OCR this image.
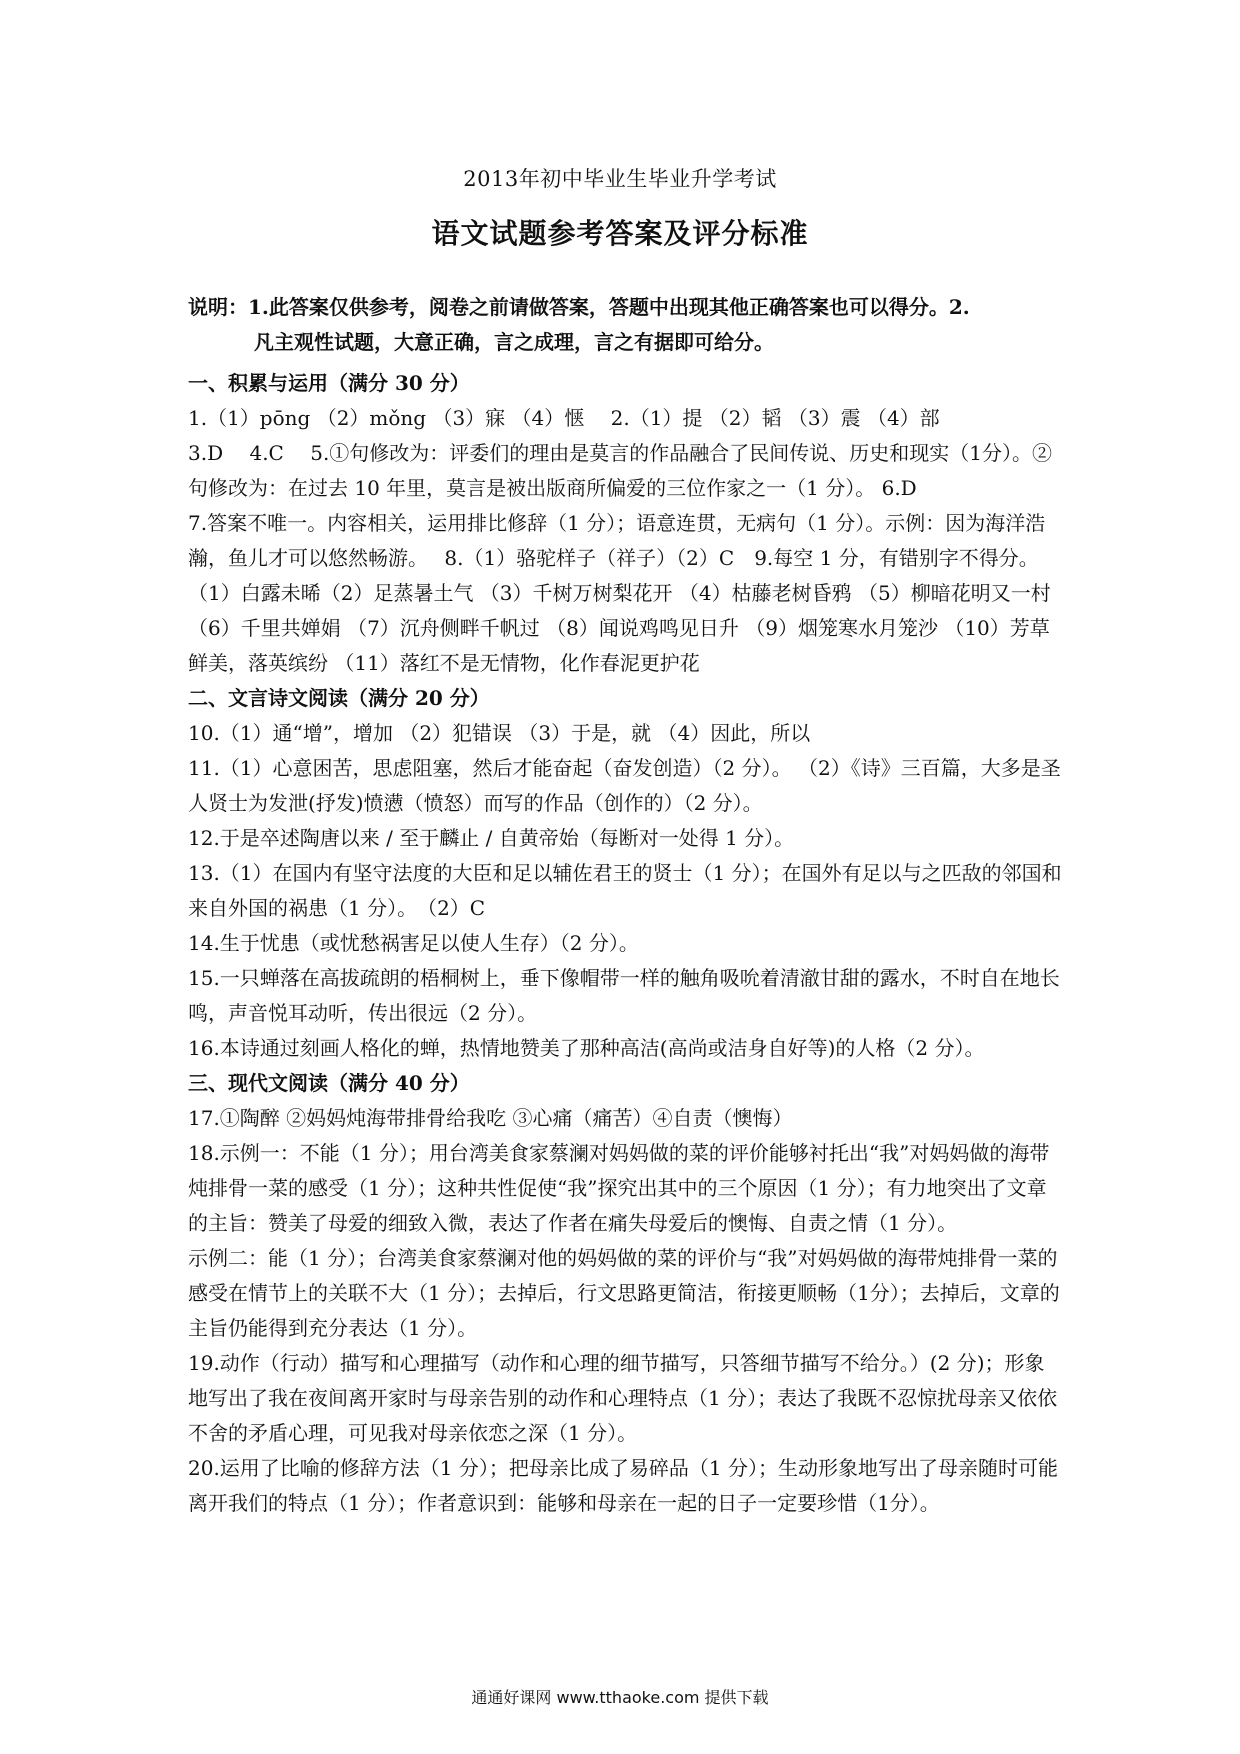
2013年初中毕业生毕业升学考试
语文试题参考答案及评分标准
说明：1.此答案仅供参考，阅卷之前请做答案，答题中出现其他正确答案也可以得分。2.
凡主观性试题，大意正确，言之成理，言之有据即可给分。
一、积累与运用（满分 30 分）
1.（1）pōng （2）mǒng （3）寐 （4）惬　 2.（1）提 （2）韬 （3）震 （4）部
3.D　 4.C　 5.①句修改为：评委们的理由是莫言的作品融合了民间传说、历史和现实（1分）。②句修改为：在过去 10 年里，莫言是被出版商所偏爱的三位作家之一（1 分）。 6.D
7.答案不唯一。内容相关，运用排比修辞（1 分）；语意连贯，无病句（1 分）。示例：因为海洋浩瀚，鱼儿才可以悠然畅游。　 8.（1）骆驼样子（祥子）（2）C　9.每空 1 分，有错别字不得分。（1）白露未晞（2）足蒸暑土气 （3）千树万树梨花开 （4）枯藤老树昏鸦 （5）柳暗花明又一村 （6）千里共婵娟 （7）沉舟侧畔千帆过 （8）闻说鸡鸣见日升 （9）烟笼寒水月笼沙 （10）芳草鲜美，落英缤纷 （11）落红不是无情物，化作春泥更护花
二、文言诗文阅读（满分 20 分）
10.（1）通“增”，增加 （2）犯错误 （3）于是，就 （4）因此，所以
11.（1）心意困苦，思虑阻塞，然后才能奋起（奋发创造）（2 分）。 （2）《诗》三百篇，大多是圣人贤士为发泄(抒发)愤懑（愤怒）而写的作品（创作的）（2 分）。
12.于是卒述陶唐以来 / 至于麟止 / 自黄帝始（每断对一处得 1 分）。
13.（1）在国内有坚守法度的大臣和足以辅佐君王的贤士（1 分）；在国外有足以与之匹敌的邻国和来自外国的祸患（1 分）。　（2）C
14.生于忧患（或忧愁祸害足以使人生存）（2 分）。
15.一只蝉落在高拔疏朗的梧桐树上，垂下像帽带一样的触角吸吮着清澈甘甜的露水，不时自在地长鸣，声音悦耳动听，传出很远（2 分）。
16.本诗通过刻画人格化的蝉，热情地赞美了那种高洁(高尚或洁身自好等)的人格（2 分）。
三、现代文阅读（满分 40 分）
17.①陶醉 ②妈妈炖海带排骨给我吃 ③心痛（痛苦）④自责（懊悔）
18.示例一：不能（1 分）；用台湾美食家蔡澜对妈妈做的菜的评价能够衬托出“我”对妈妈做的海带炖排骨一菜的感受（1 分）；这种共性促使“我”探究出其中的三个原因（1 分）；有力地突出了文章的主旨：赞美了母爱的细致入微，表达了作者在痛失母爱后的懊悔、自责之情（1 分）。
示例二：能（1 分）；台湾美食家蔡澜对他的妈妈做的菜的评价与“我”对妈妈做的海带炖排骨一菜的感受在情节上的关联不大（1 分）；去掉后，行文思路更简洁，衔接更顺畅（1分）；去掉后，文章的主旨仍能得到充分表达（1 分）。
19.动作（行动）描写和心理描写（动作和心理的细节描写，只答细节描写不给分。）(2 分)；形象地写出了我在夜间离开家时与母亲告别的动作和心理特点（1 分）；表达了我既不忍惊扰母亲又依依不舍的矛盾心理，可见我对母亲依恋之深（1 分）。
20.运用了比喻的修辞方法（1 分）；把母亲比成了易碎品（1 分）；生动形象地写出了母亲随时可能离开我们的特点（1 分）；作者意识到：能够和母亲在一起的日子一定要珍惜（1分）。
通通好课网 www.tthaoke.com 提供下载
